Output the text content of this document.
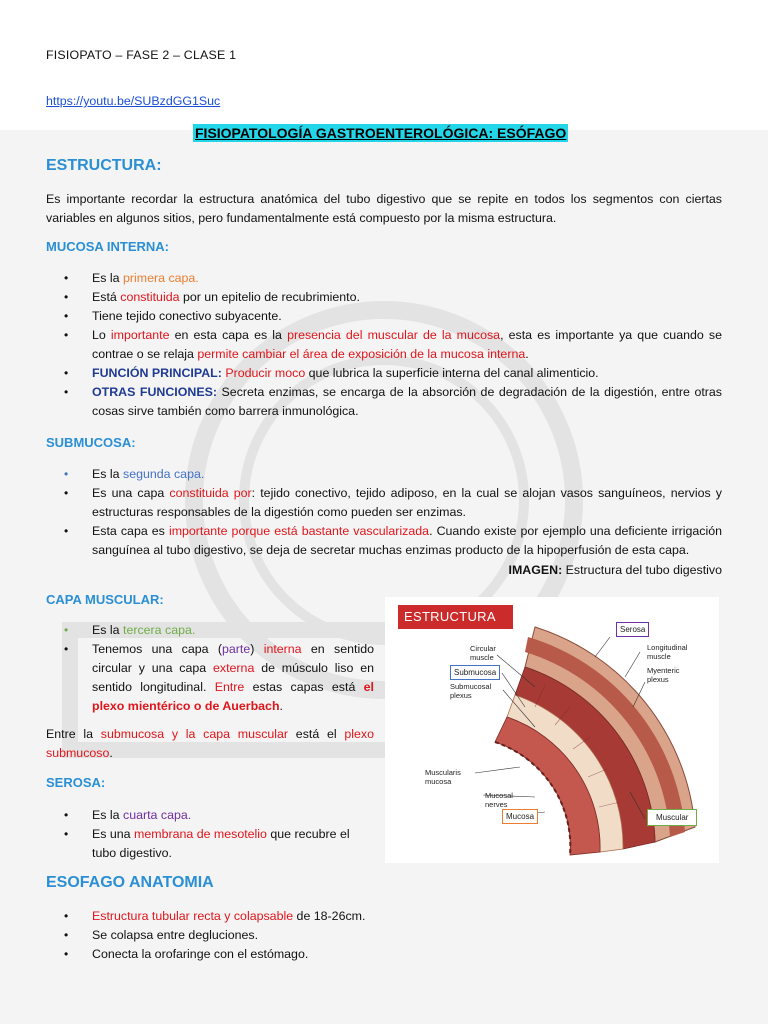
FISIOPATO – FASE 2 – CLASE 1
https://youtu.be/SUBzdGG1Suc
FISIOPATOLOGÍA GASTROENTEROLÓGICA: ESÓFAGO
ESTRUCTURA:
Es importante recordar la estructura anatómica del tubo digestivo que se repite en todos los segmentos con ciertas variables en algunos sitios, pero fundamentalmente está compuesto por la misma estructura.
MUCOSA INTERNA:
• Es la primera capa.
• Está constituida por un epitelio de recubrimiento.
• Tiene tejido conectivo subyacente.
• Lo importante en esta capa es la presencia del muscular de la mucosa, esta es importante ya que cuando se contrae o se relaja permite cambiar el área de exposición de la mucosa interna.
• FUNCIÓN PRINCIPAL: Producir moco que lubrica la superficie interna del canal alimenticio.
• OTRAS FUNCIONES: Secreta enzimas, se encarga de la absorción de degradación de la digestión, entre otras cosas sirve también como barrera inmunológica.
SUBMUCOSA:
• Es la segunda capa.
• Es una capa constituida por: tejido conectivo, tejido adiposo, en la cual se alojan vasos sanguíneos, nervios y estructuras responsables de la digestión como pueden ser enzimas.
• Esta capa es importante porque está bastante vascularizada. Cuando existe por ejemplo una deficiente irrigación sanguínea al tubo digestivo, se deja de secretar muchas enzimas producto de la hipoperfusión de esta capa.
IMAGEN: Estructura del tubo digestivo
CAPA MUSCULAR:
• Es la tercera capa.
• Tenemos una capa (parte) interna en sentido circular y una capa externa de músculo liso en sentido longitudinal. Entre estas capas está el plexo mientérico o de Auerbach.
Entre la submucosa y la capa muscular está el plexo submucoso.
SEROSA:
• Es la cuarta capa.
• Es una membrana de mesotelio que recubre el tubo digestivo.
ESOFAGO ANATOMIA
• Estructura tubular recta y colapsable de 18-26cm.
• Se colapsa entre degluciones.
• Conecta la orofaringe con el estómago.
ESTRUCTURA
Serosa
Longitudinal muscle
Myenteric plexus
Circular muscle
Submucosa
Submucosal plexus
Muscularis mucosa
Mucosal nerves
Mucosa	Muscular
